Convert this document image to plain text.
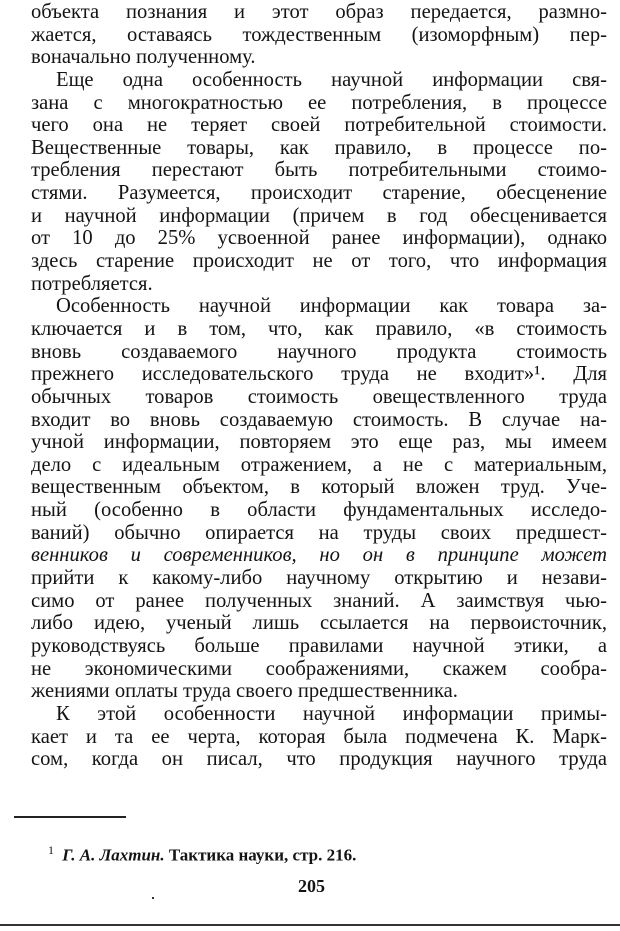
объекта познания и этот образ передается, размно-
жается, оставаясь тождественным (изоморфным) пер-
воначально полученному.
Еще одна особенность научной информации свя-
зана с многократностью ее потребления, в процессе
чего она не теряет своей потребительной стоимости.
Вещественные товары, как правило, в процессе по-
требления перестают быть потребительными стоимо-
стями. Разумеется, происходит старение, обесценение
и научной информации (причем в год обесценивается
от 10 до 25% усвоенной ранее информации), однако
здесь старение происходит не от того, что информация
потребляется.
Особенность научной информации как товара за-
ключается и в том, что, как правило, «в стоимость
вновь создаваемого научного продукта стоимость
прежнего исследовательского труда не входит»¹. Для
обычных товаров стоимость овеществленного труда
входит во вновь создаваемую стоимость. В случае на-
учной информации, повторяем это еще раз, мы имеем
дело с идеальным отражением, а не с материальным,
вещественным объектом, в который вложен труд. Уче-
ный (особенно в области фундаментальных исследо-
ваний) обычно опирается на труды своих предшест-
венников и современников, но он в принципе может
прийти к какому-либо научному открытию и незави-
симо от ранее полученных знаний. А заимствуя чью-
либо идею, ученый лишь ссылается на первоисточник,
руководствуясь больше правилами научной этики, а
не экономическими соображениями, скажем сообра-
жениями оплаты труда своего предшественника.
К этой особенности научной информации примы-
кает и та ее черта, которая была подмечена К. Марк-
сом, когда он писал, что продукция научного труда
$^1$ Г. А. Лахтин. Тактика науки, стр. 216.
205
